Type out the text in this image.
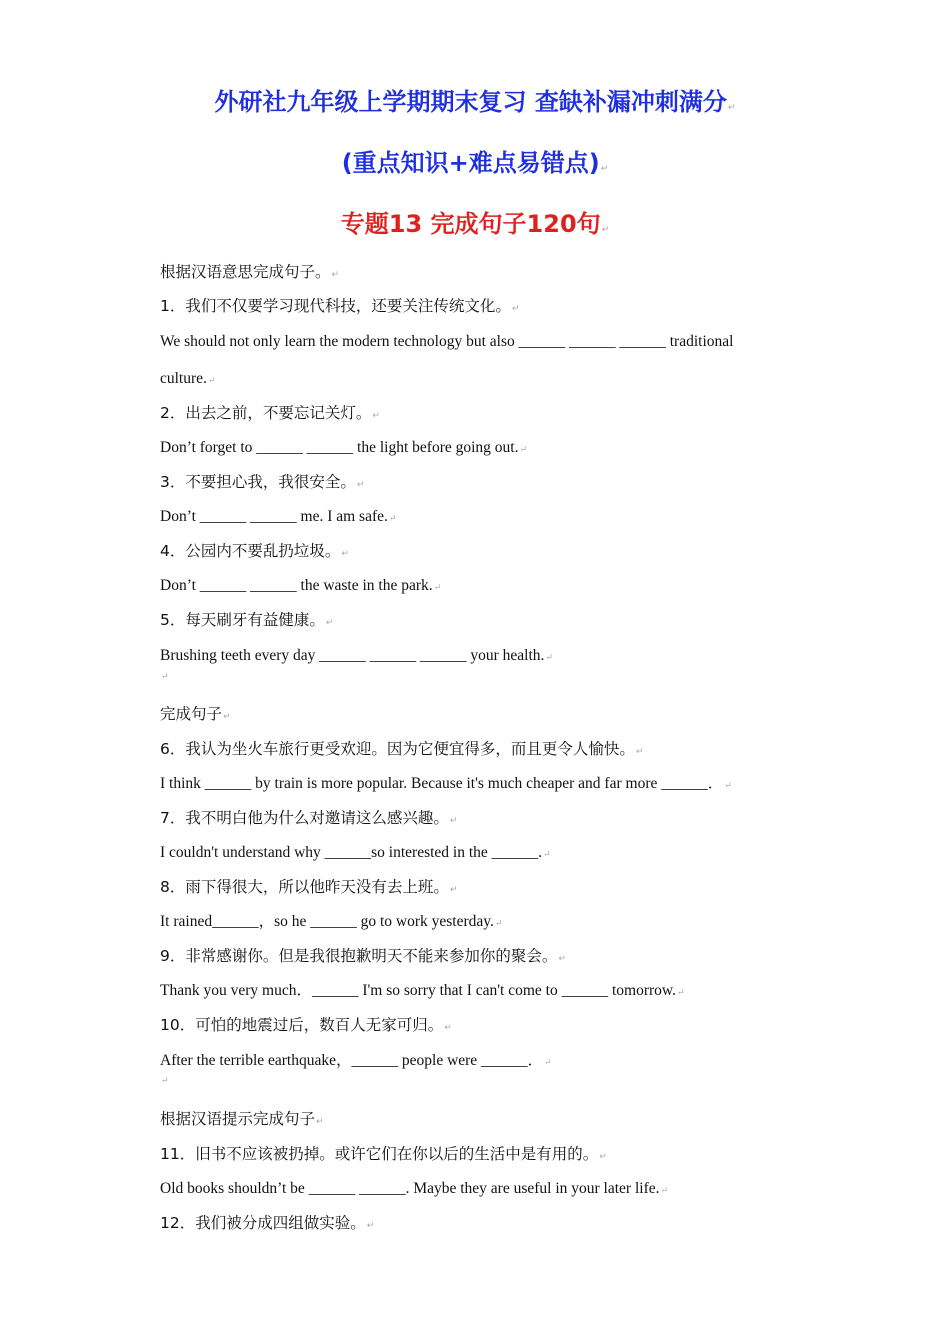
外研社九年级上学期期末复习 查缺补漏冲刺满分↵
(重点知识+难点易错点)↵
专题13 完成句子120句↵
根据汉语意思完成句子。↵
1．我们不仅要学习现代科技，还要关注传统文化。↵
We should not only learn the modern technology but also ______ ______ ______ traditional
culture.↵
2．出去之前，不要忘记关灯。↵
Don’t forget to ______ ______ the light before going out.↵
3．不要担心我，我很安全。↵
Don’t ______ ______ me. I am safe.↵
4．公园内不要乱扔垃圾。↵
Don’t ______ ______ the waste in the park.↵
5．每天刷牙有益健康。↵
Brushing teeth every day ______ ______ ______ your health.↵
↵
完成句子↵
6．我认为坐火车旅行更受欢迎。因为它便宜得多，而且更令人愉快。↵
I think ______ by train is more popular. Because it's much cheaper and far more ______．↵
7．我不明白他为什么对邀请这么感兴趣。↵
I couldn't understand why ______so interested in the ______.↵
8．雨下得很大，所以他昨天没有去上班。↵
It rained______，so he ______ go to work yesterday.↵
9．非常感谢你。但是我很抱歉明天不能来参加你的聚会。↵
Thank you very much．______ I'm so sorry that I can't come to ______ tomorrow.↵
10．可怕的地震过后，数百人无家可归。↵
After the terrible earthquake，______ people were ______．↵
↵
根据汉语提示完成句子↵
11．旧书不应该被扔掉。或许它们在你以后的生活中是有用的。↵
Old books shouldn’t be ______ ______. Maybe they are useful in your later life.↵
12．我们被分成四组做实验。↵
